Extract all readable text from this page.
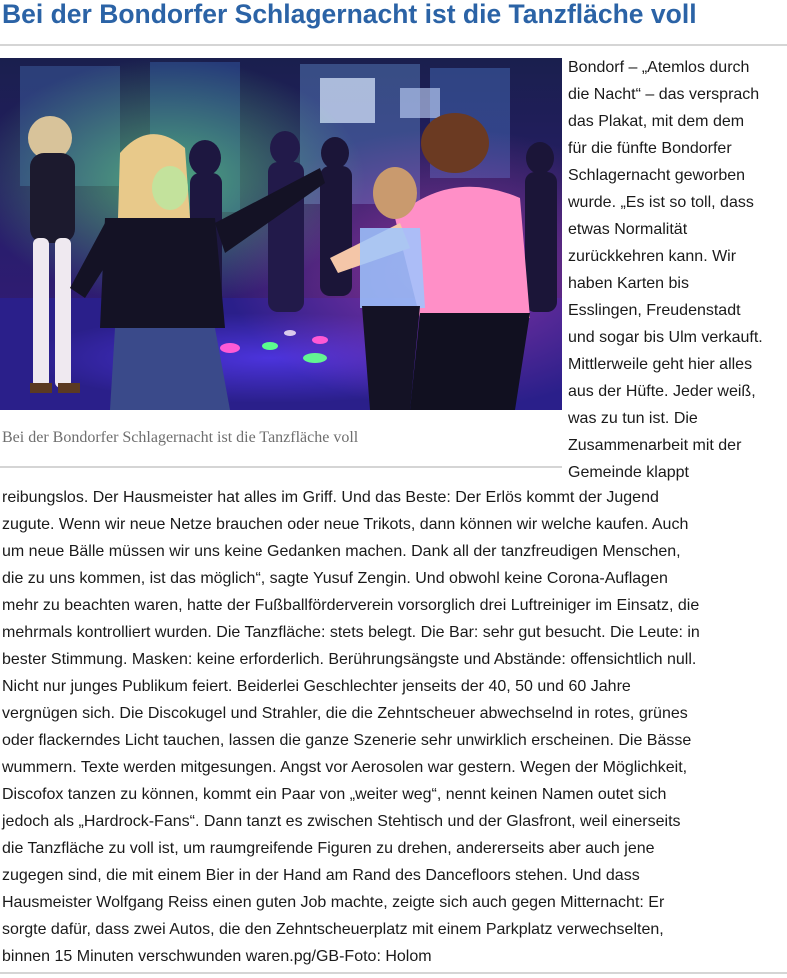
Bei der Bondorfer Schlagernacht ist die Tanzfläche voll
Bei der Bondorfer Schlagernacht ist die Tanzfläche voll
Bondorf – „Atemlos durch
die Nacht“ – das versprach
das Plakat, mit dem dem
für die fünfte Bondorfer
Schlagernacht geworben
wurde. „Es ist so toll, dass
etwas Normalität
zurückkehren kann. Wir
haben Karten bis
Esslingen, Freudenstadt
und sogar bis Ulm verkauft.
Mittlerweile geht hier alles
aus der Hüfte. Jeder weiß,
was zu tun ist. Die
Zusammenarbeit mit der
Gemeinde klappt
reibungslos. Der Hausmeister hat alles im Griff. Und das Beste: Der Erlös kommt der Jugend
zugute. Wenn wir neue Netze brauchen oder neue Trikots, dann können wir welche kaufen. Auch
um neue Bälle müssen wir uns keine Gedanken machen. Dank all der tanzfreudigen Menschen,
die zu uns kommen, ist das möglich“, sagte Yusuf Zengin. Und obwohl keine Corona-Auflagen
mehr zu beachten waren, hatte der Fußballförderverein vorsorglich drei Luftreiniger im Einsatz, die
mehrmals kontrolliert wurden. Die Tanzfläche: stets belegt. Die Bar: sehr gut besucht. Die Leute: in
bester Stimmung. Masken: keine erforderlich. Berührungsängste und Abstände: offensichtlich null.
Nicht nur junges Publikum feiert. Beiderlei Geschlechter jenseits der 40, 50 und 60 Jahre
vergnügen sich. Die Discokugel und Strahler, die die Zehntscheuer abwechselnd in rotes, grünes
oder flackerndes Licht tauchen, lassen die ganze Szenerie sehr unwirklich erscheinen. Die Bässe
wummern. Texte werden mitgesungen. Angst vor Aerosolen war gestern. Wegen der Möglichkeit,
Discofox tanzen zu können, kommt ein Paar von „weiter weg“, nennt keinen Namen outet sich
jedoch als „Hardrock-Fans“. Dann tanzt es zwischen Stehtisch und der Glasfront, weil einerseits
die Tanzfläche zu voll ist, um raumgreifende Figuren zu drehen, andererseits aber auch jene
zugegen sind, die mit einem Bier in der Hand am Rand des Dancefloors stehen. Und dass
Hausmeister Wolfgang Reiss einen guten Job machte, zeigte sich auch gegen Mitternacht: Er
sorgte dafür, dass zwei Autos, die den Zehntscheuerplatz mit einem Parkplatz verwechselten,
binnen 15 Minuten verschwunden waren.pg/GB-Foto: Holom
